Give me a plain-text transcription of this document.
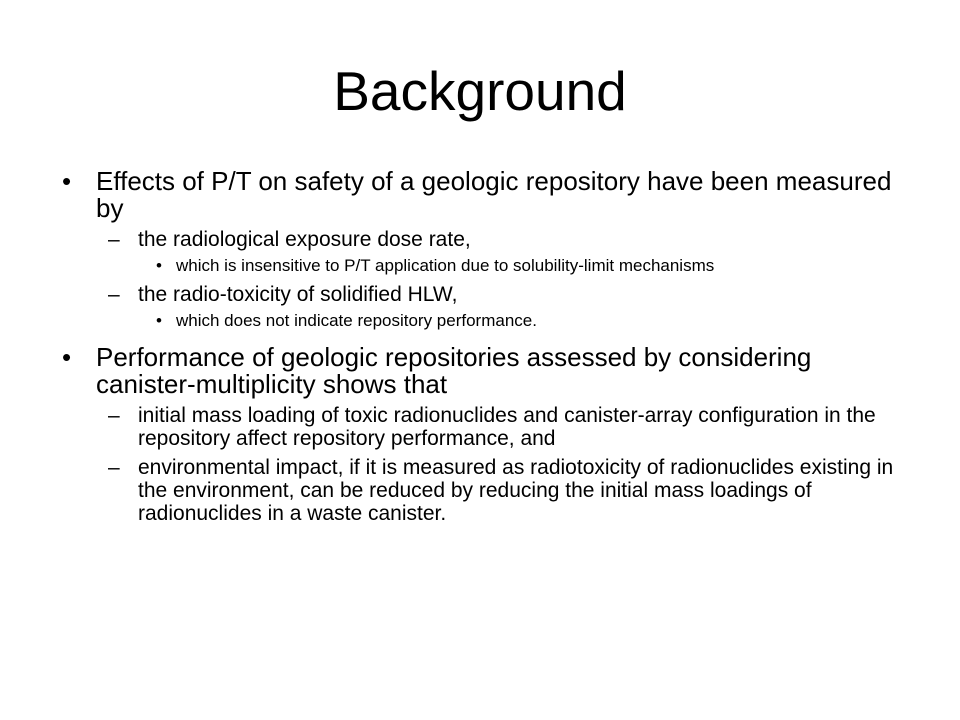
Background
• Effects of P/T on safety of a geologic repository have been measured by
– the radiological exposure dose rate,
• which is insensitive to P/T application due to solubility-limit mechanisms
– the radio-toxicity of solidified HLW,
• which does not indicate repository performance.
• Performance of geologic repositories assessed by considering canister-multiplicity shows that
– initial mass loading of toxic radionuclides and canister-array configuration in the repository affect repository performance, and
– environmental impact, if it is measured as radiotoxicity of radionuclides existing in the environment, can be reduced by reducing the initial mass loadings of radionuclides in a waste canister.
